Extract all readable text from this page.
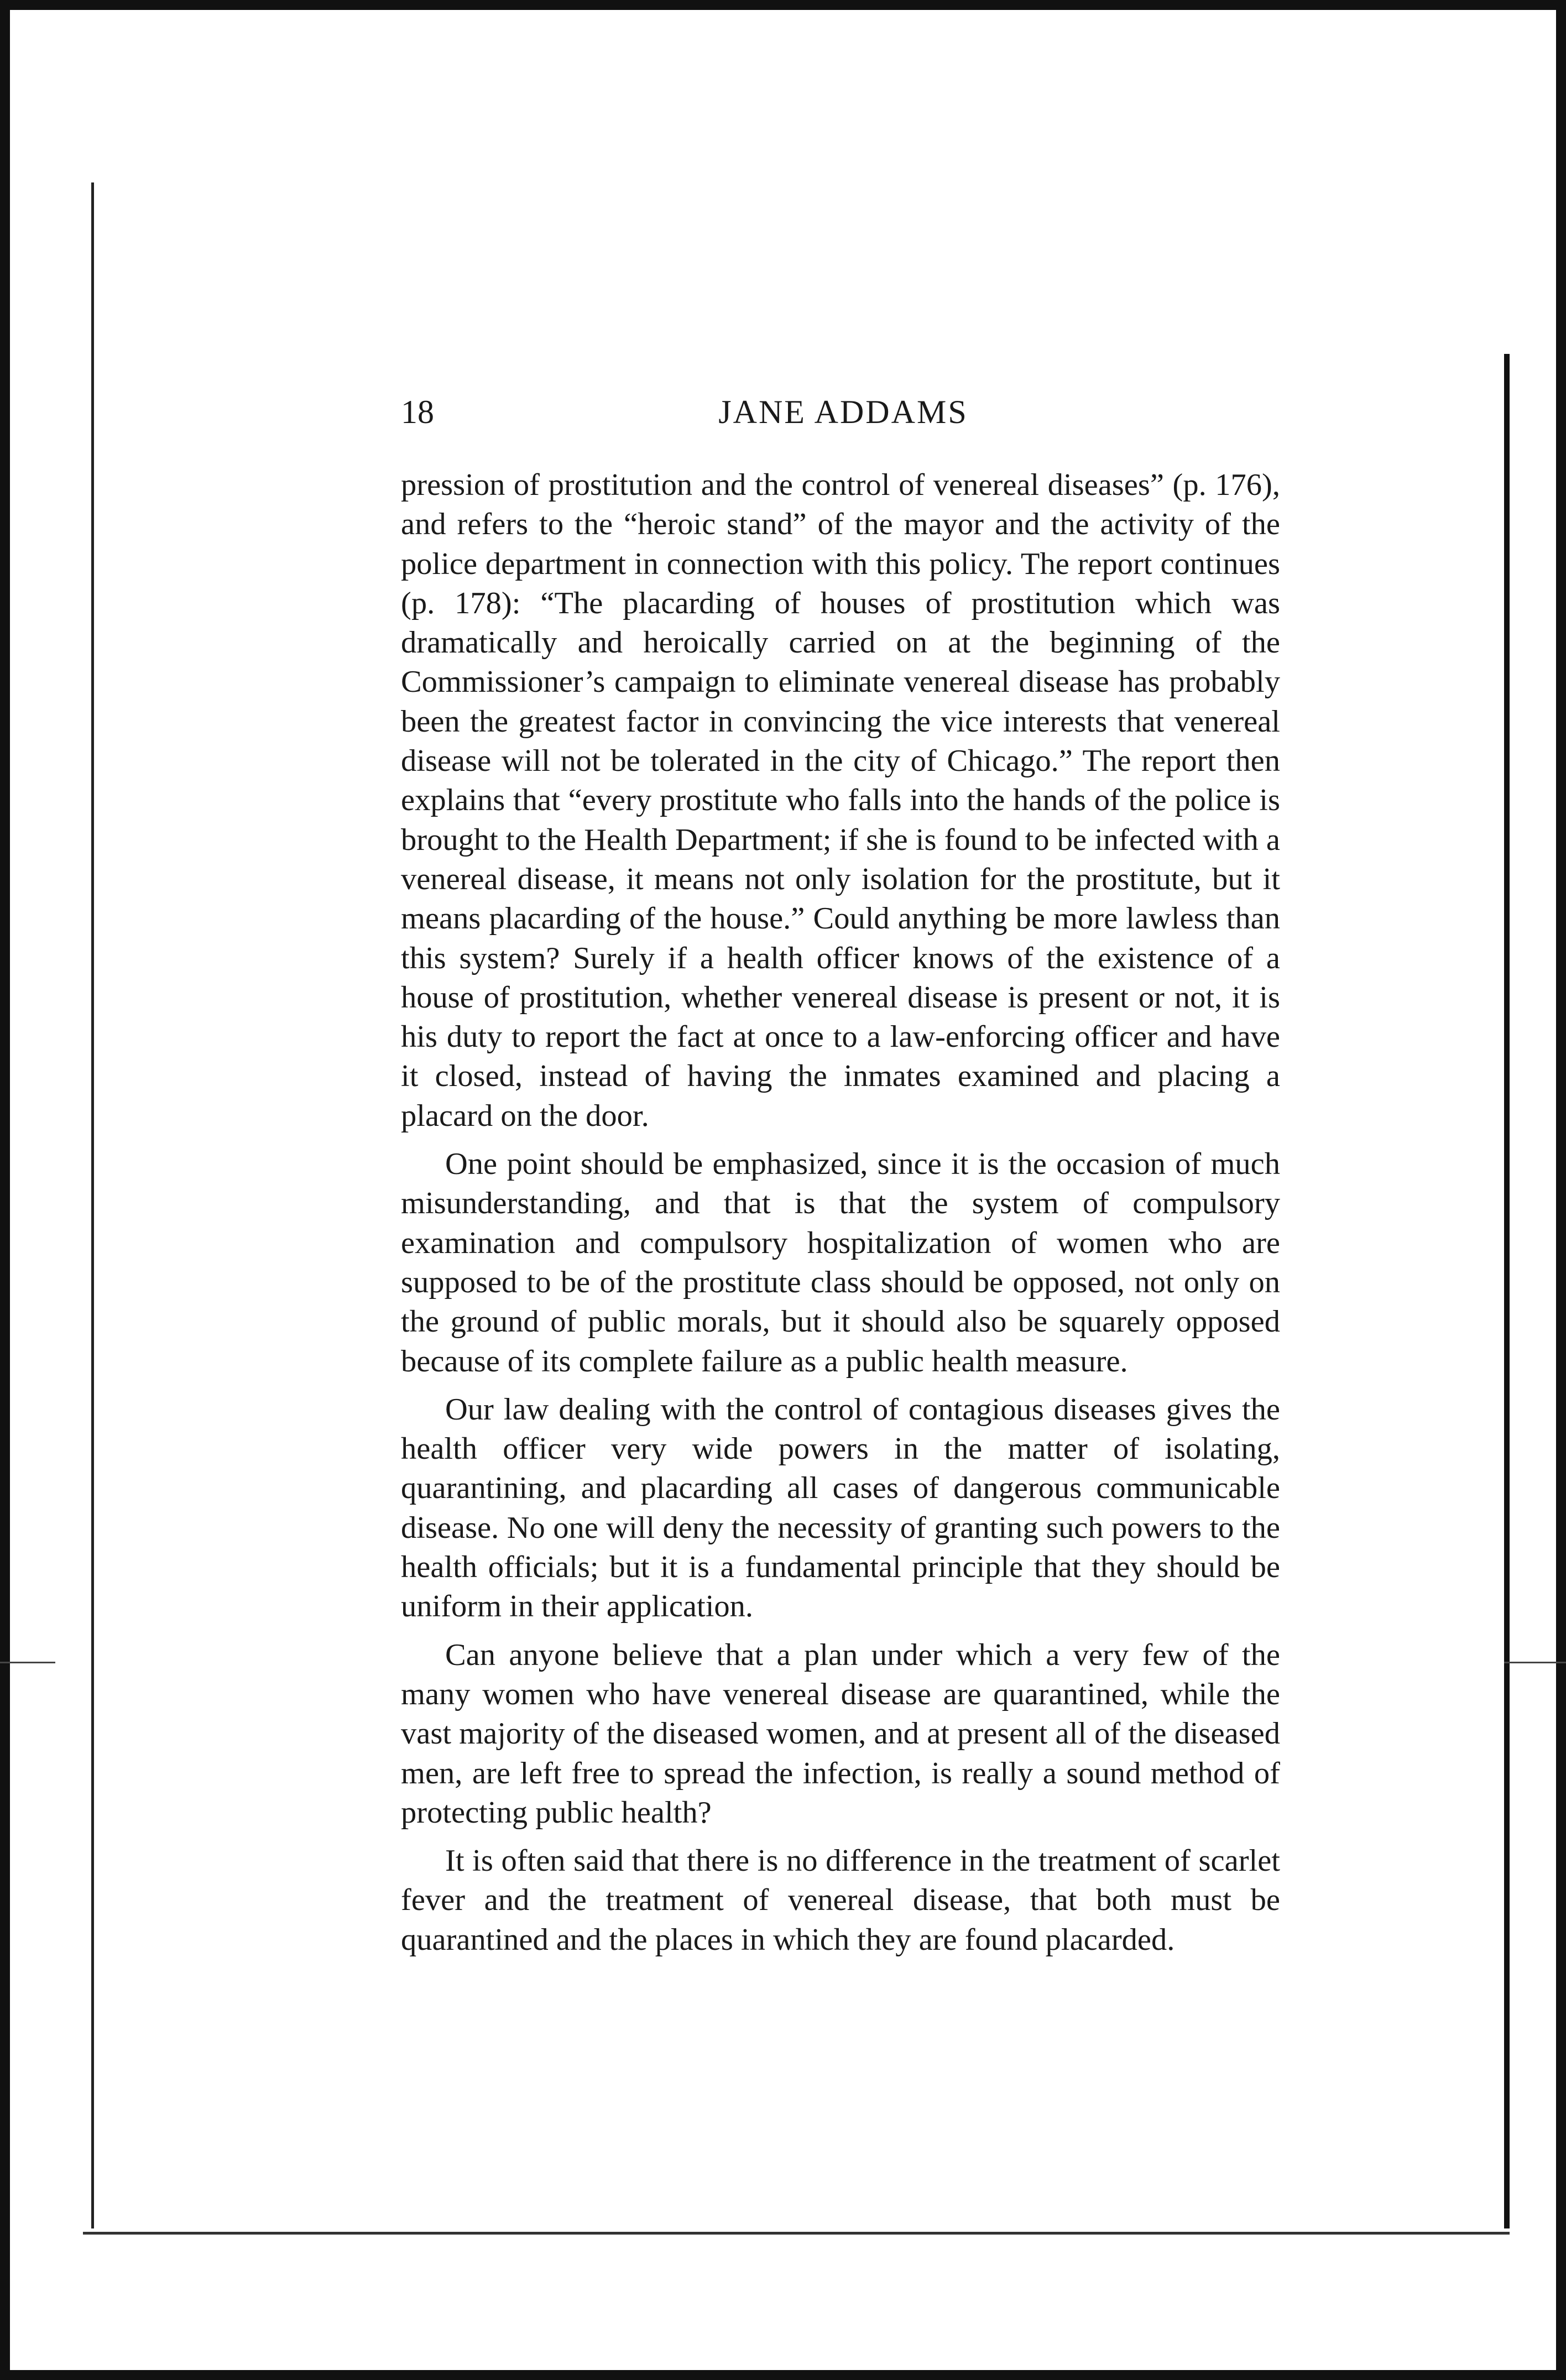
18	JANE ADDAMS

pression of prostitution and the control of venereal diseases” (p. 176), and refers to the “heroic stand” of the mayor and the activity of the police department in connection with this policy. The report continues (p. 178): “The placarding of houses of prostitution which was dramatically and heroically carried on at the beginning of the Commissioner’s campaign to eliminate venereal disease has probably been the greatest factor in convincing the vice interests that venereal disease will not be tolerated in the city of Chicago.” The report then explains that “every prostitute who falls into the hands of the police is brought to the Health Department; if she is found to be infected with a venereal disease, it means not only isolation for the prostitute, but it means placarding of the house.” Could anything be more lawless than this system? Surely if a health officer knows of the existence of a house of prostitution, whether venereal disease is present or not, it is his duty to report the fact at once to a law-enforcing officer and have it closed, instead of having the inmates examined and placing a placard on the door.

One point should be emphasized, since it is the occasion of much misunderstanding, and that is that the system of compulsory examination and compulsory hospitalization of women who are supposed to be of the prostitute class should be opposed, not only on the ground of public morals, but it should also be squarely opposed because of its complete failure as a public health measure.

Our law dealing with the control of contagious diseases gives the health officer very wide powers in the matter of isolating, quarantining, and placarding all cases of dangerous communicable disease. No one will deny the necessity of granting such powers to the health officials; but it is a fundamental principle that they should be uniform in their application.

Can anyone believe that a plan under which a very few of the many women who have venereal disease are quarantined, while the vast majority of the diseased women, and at present all of the diseased men, are left free to spread the infection, is really a sound method of protecting public health?

It is often said that there is no difference in the treatment of scarlet fever and the treatment of venereal disease, that both must be quarantined and the places in which they are found placarded.
